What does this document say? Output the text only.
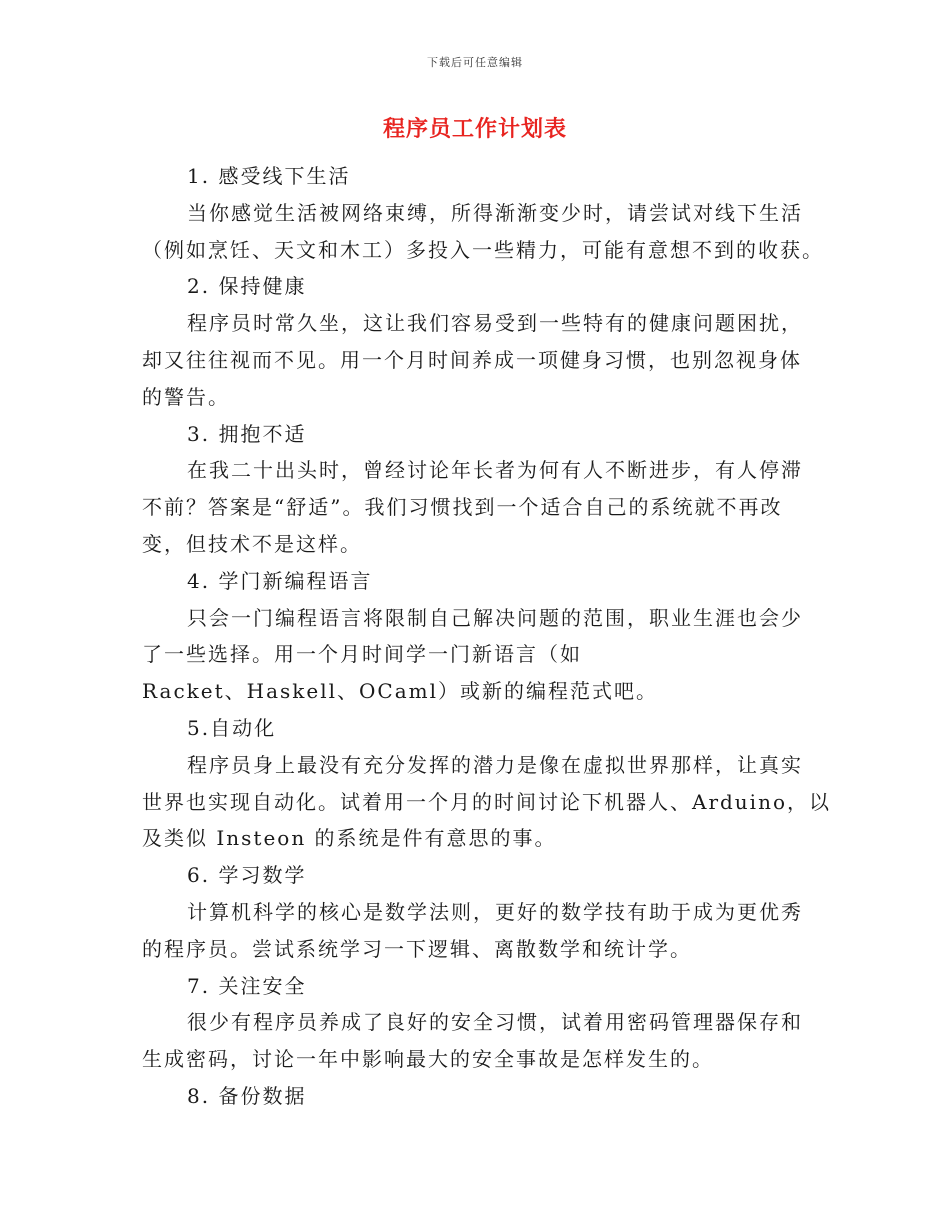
下载后可任意编辑
程序员工作计划表

1. 感受线下生活

当你感觉生活被网络束缚，所得渐渐变少时，请尝试对线下生活
（例如烹饪、天文和木工）多投入一些精力，可能有意想不到的收获。

2. 保持健康

程序员时常久坐，这让我们容易受到一些特有的健康问题困扰，
却又往往视而不见。用一个月时间养成一项健身习惯，也别忽视身体
的警告。

3. 拥抱不适

在我二十出头时，曾经讨论年长者为何有人不断进步，有人停滞
不前？答案是“舒适”。我们习惯找到一个适合自己的系统就不再改
变，但技术不是这样。

4. 学门新编程语言

只会一门编程语言将限制自己解决问题的范围，职业生涯也会少
了一些选择。用一个月时间学一门新语言（如
Racket、Haskell、OCaml）或新的编程范式吧。

5.自动化

程序员身上最没有充分发挥的潜力是像在虚拟世界那样，让真实
世界也实现自动化。试着用一个月的时间讨论下机器人、Arduino，以
及类似 Insteon 的系统是件有意思的事。

6. 学习数学

计算机科学的核心是数学法则，更好的数学技有助于成为更优秀
的程序员。尝试系统学习一下逻辑、离散数学和统计学。

7. 关注安全

很少有程序员养成了良好的安全习惯，试着用密码管理器保存和
生成密码，讨论一年中影响最大的安全事故是怎样发生的。

8. 备份数据
